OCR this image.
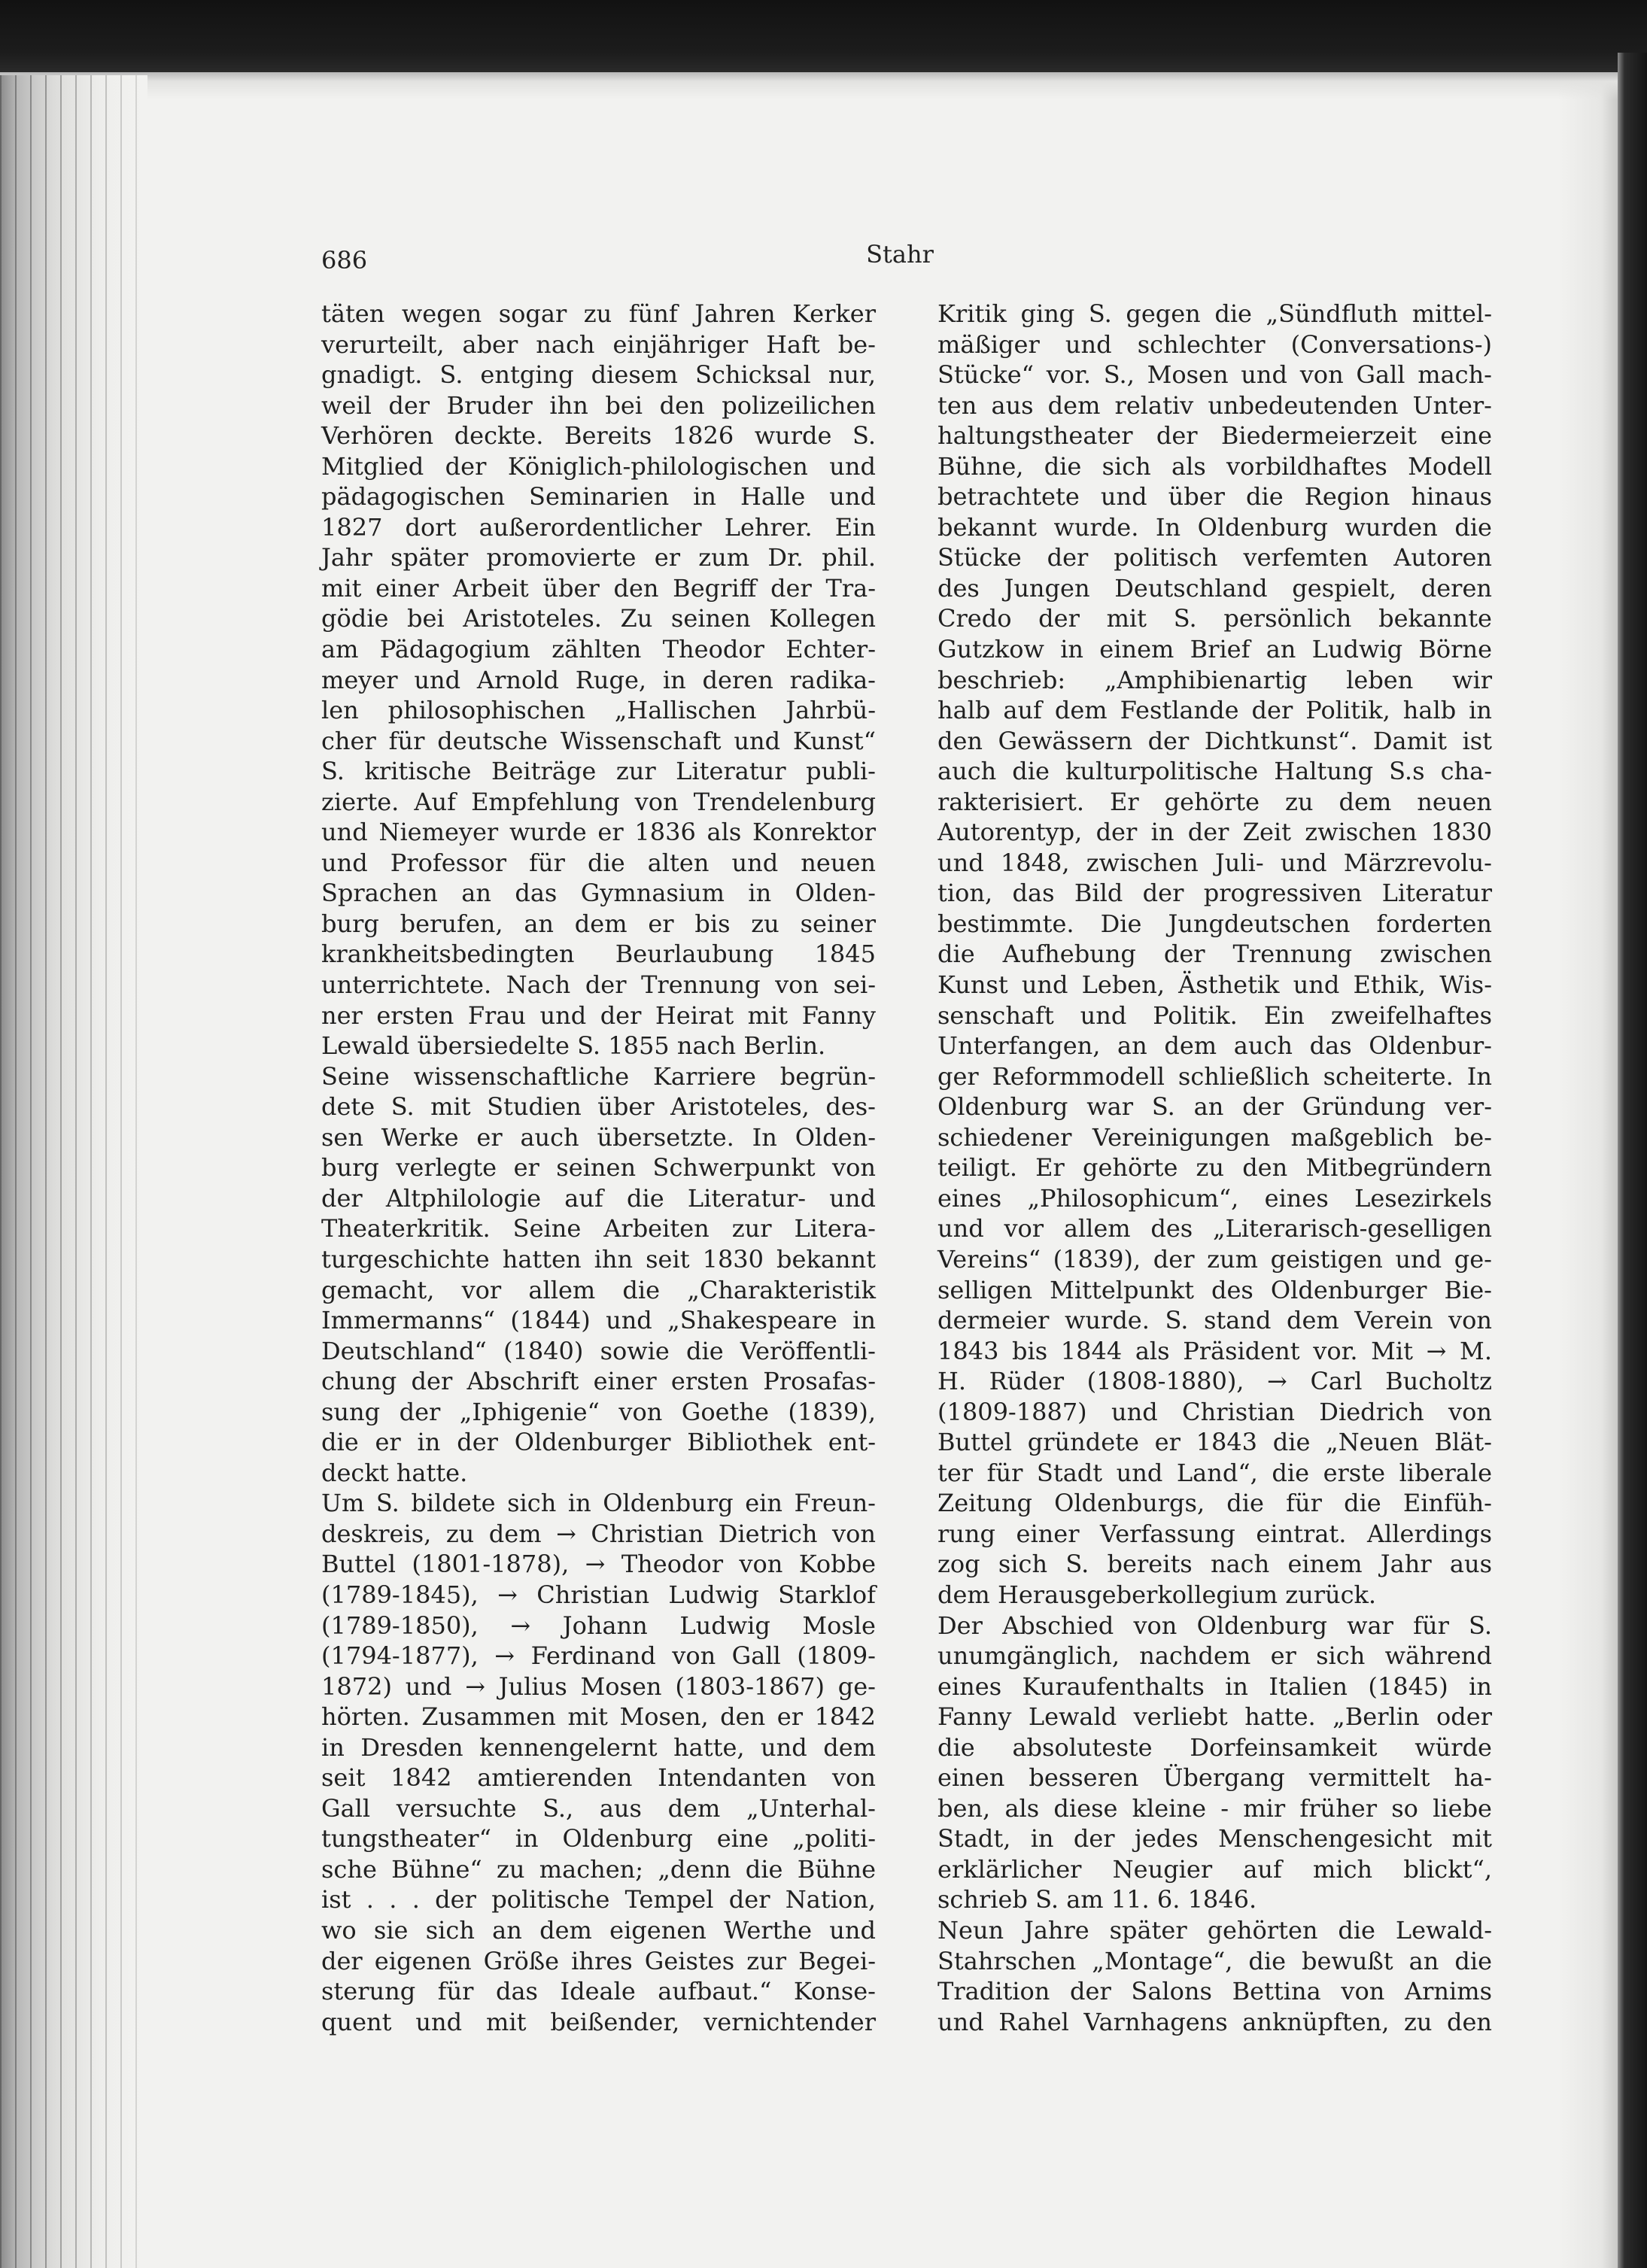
686	Stahr
täten wegen sogar zu fünf Jahren Kerker
verurteilt, aber nach einjähriger Haft be-
gnadigt. S. entging diesem Schicksal nur,
weil der Bruder ihn bei den polizeilichen
Verhören deckte. Bereits 1826 wurde S.
Mitglied der Königlich-philologischen und
pädagogischen Seminarien in Halle und
1827 dort außerordentlicher Lehrer. Ein
Jahr später promovierte er zum Dr. phil.
mit einer Arbeit über den Begriff der Tra-
gödie bei Aristoteles. Zu seinen Kollegen
am Pädagogium zählten Theodor Echter-
meyer und Arnold Ruge, in deren radika-
len philosophischen „Hallischen Jahrbü-
cher für deutsche Wissenschaft und Kunst“
S. kritische Beiträge zur Literatur publi-
zierte. Auf Empfehlung von Trendelenburg
und Niemeyer wurde er 1836 als Konrektor
und Professor für die alten und neuen
Sprachen an das Gymnasium in Olden-
burg berufen, an dem er bis zu seiner
krankheitsbedingten Beurlaubung 1845
unterrichtete. Nach der Trennung von sei-
ner ersten Frau und der Heirat mit Fanny
Lewald übersiedelte S. 1855 nach Berlin.
Seine wissenschaftliche Karriere begrün-
dete S. mit Studien über Aristoteles, des-
sen Werke er auch übersetzte. In Olden-
burg verlegte er seinen Schwerpunkt von
der Altphilologie auf die Literatur- und
Theaterkritik. Seine Arbeiten zur Litera-
turgeschichte hatten ihn seit 1830 bekannt
gemacht, vor allem die „Charakteristik
Immermanns“ (1844) und „Shakespeare in
Deutschland“ (1840) sowie die Veröffentli-
chung der Abschrift einer ersten Prosafas-
sung der „Iphigenie“ von Goethe (1839),
die er in der Oldenburger Bibliothek ent-
deckt hatte.
Um S. bildete sich in Oldenburg ein Freun-
deskreis, zu dem → Christian Dietrich von
Buttel (1801-1878), → Theodor von Kobbe
(1789-1845), → Christian Ludwig Starklof
(1789-1850), → Johann Ludwig Mosle
(1794-1877), → Ferdinand von Gall (1809-
1872) und → Julius Mosen (1803-1867) ge-
hörten. Zusammen mit Mosen, den er 1842
in Dresden kennengelernt hatte, und dem
seit 1842 amtierenden Intendanten von
Gall versuchte S., aus dem „Unterhal-
tungstheater“ in Oldenburg eine „politi-
sche Bühne“ zu machen; „denn die Bühne
ist . . . der politische Tempel der Nation,
wo sie sich an dem eigenen Werthe und
der eigenen Größe ihres Geistes zur Begei-
sterung für das Ideale aufbaut.“ Konse-
quent und mit beißender, vernichtender
Kritik ging S. gegen die „Sündfluth mittel-
mäßiger und schlechter (Conversations-)
Stücke“ vor. S., Mosen und von Gall mach-
ten aus dem relativ unbedeutenden Unter-
haltungstheater der Biedermeierzeit eine
Bühne, die sich als vorbildhaftes Modell
betrachtete und über die Region hinaus
bekannt wurde. In Oldenburg wurden die
Stücke der politisch verfemten Autoren
des Jungen Deutschland gespielt, deren
Credo der mit S. persönlich bekannte
Gutzkow in einem Brief an Ludwig Börne
beschrieb: „Amphibienartig leben wir
halb auf dem Festlande der Politik, halb in
den Gewässern der Dichtkunst“. Damit ist
auch die kulturpolitische Haltung S.s cha-
rakterisiert. Er gehörte zu dem neuen
Autorentyp, der in der Zeit zwischen 1830
und 1848, zwischen Juli- und Märzrevolu-
tion, das Bild der progressiven Literatur
bestimmte. Die Jungdeutschen forderten
die Aufhebung der Trennung zwischen
Kunst und Leben, Ästhetik und Ethik, Wis-
senschaft und Politik. Ein zweifelhaftes
Unterfangen, an dem auch das Oldenbur-
ger Reformmodell schließlich scheiterte. In
Oldenburg war S. an der Gründung ver-
schiedener Vereinigungen maßgeblich be-
teiligt. Er gehörte zu den Mitbegründern
eines „Philosophicum“, eines Lesezirkels
und vor allem des „Literarisch-geselligen
Vereins“ (1839), der zum geistigen und ge-
selligen Mittelpunkt des Oldenburger Bie-
dermeier wurde. S. stand dem Verein von
1843 bis 1844 als Präsident vor. Mit → M.
H. Rüder (1808-1880), → Carl Bucholtz
(1809-1887) und Christian Diedrich von
Buttel gründete er 1843 die „Neuen Blät-
ter für Stadt und Land“, die erste liberale
Zeitung Oldenburgs, die für die Einfüh-
rung einer Verfassung eintrat. Allerdings
zog sich S. bereits nach einem Jahr aus
dem Herausgeberkollegium zurück.
Der Abschied von Oldenburg war für S.
unumgänglich, nachdem er sich während
eines Kuraufenthalts in Italien (1845) in
Fanny Lewald verliebt hatte. „Berlin oder
die absoluteste Dorfeinsamkeit würde
einen besseren Übergang vermittelt ha-
ben, als diese kleine - mir früher so liebe
Stadt, in der jedes Menschengesicht mit
erklärlicher Neugier auf mich blickt“,
schrieb S. am 11. 6. 1846.
Neun Jahre später gehörten die Lewald-
Stahrschen „Montage“, die bewußt an die
Tradition der Salons Bettina von Arnims
und Rahel Varnhagens anknüpften, zu den
